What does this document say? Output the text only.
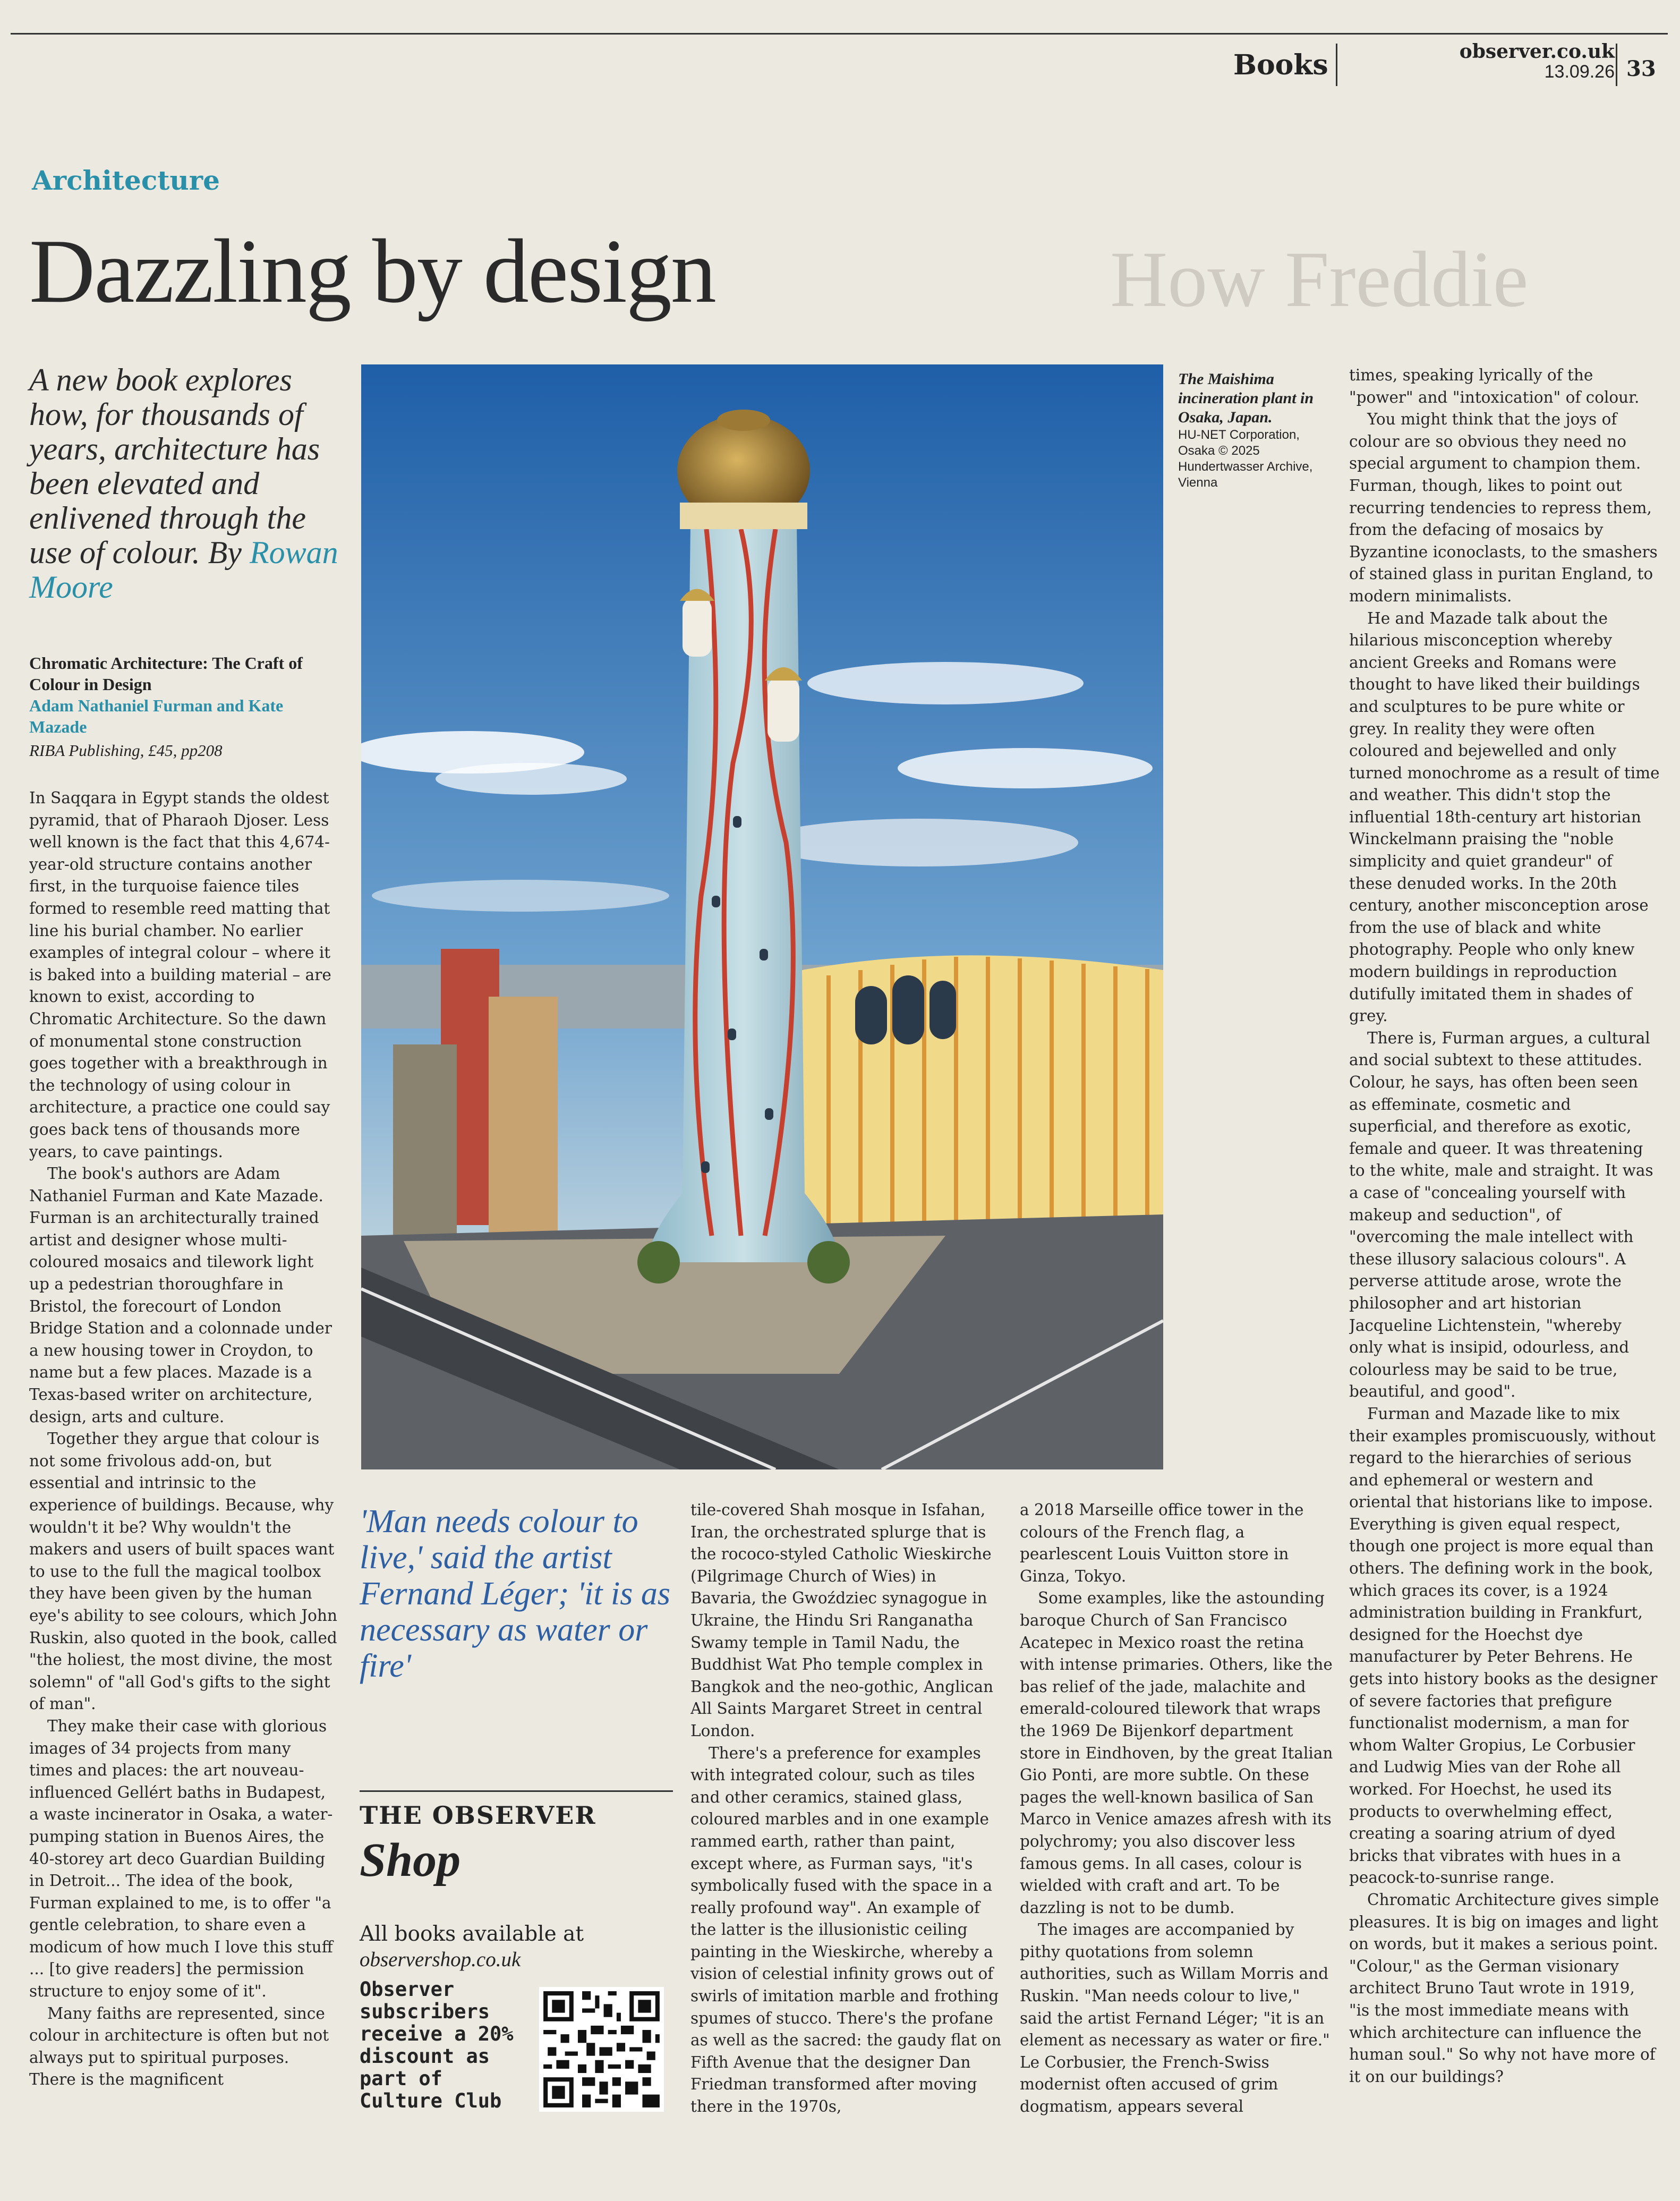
How Freddie
Books	observer.co.uk
13.09.26 33
Architecture
Dazzling by design
A new book explores how, for thousands of years, architecture has been elevated and enlivened through the use of colour. By Rowan Moore
Chromatic Architecture: The Craft of Colour in Design
Adam Nathaniel Furman and Kate Mazade
RIBA Publishing, £45, pp208

In Saqqara in Egypt stands the oldest pyramid, that of Pharaoh Djoser. Less well known is the fact that this 4,674-year-old structure contains another first, in the turquoise faience tiles formed to resemble reed matting that line his burial chamber. No earlier examples of integral colour – where it is baked into a building material – are known to exist, according to Chromatic Architecture. So the dawn of monumental stone construction goes together with a breakthrough in the technology of using colour in architecture, a practice one could say goes back tens of thousands more years, to cave paintings.

The book's authors are Adam Nathaniel Furman and Kate Mazade. Furman is an architecturally trained artist and designer whose multi-coloured mosaics and tilework light up a pedestrian thoroughfare in Bristol, the forecourt of London Bridge Station and a colonnade under a new housing tower in Croydon, to name but a few places. Mazade is a Texas-based writer on architecture, design, arts and culture.

Together they argue that colour is not some frivolous add-on, but essential and intrinsic to the experience of buildings. Because, why wouldn't it be? Why wouldn't the makers and users of built spaces want to use to the full the magical toolbox they have been given by the human eye's ability to see colours, which John Ruskin, also quoted in the book, called "the holiest, the most divine, the most solemn" of "all God's gifts to the sight of man".

They make their case with glorious images of 34 projects from many times and places: the art nouveau-influenced Gellért baths in Budapest, a waste incinerator in Osaka, a water-pumping station in Buenos Aires, the 40-storey art deco Guardian Building in Detroit... The idea of the book, Furman explained to me, is to offer "a gentle celebration, to share even a modicum of how much I love this stuff ... [to give readers] the permission structure to enjoy some of it".

Many faiths are represented, since colour in architecture is often but not always put to spiritual purposes. There is the magnificent

The Maishima incineration plant in Osaka, Japan.
HU-NET Corporation, Osaka © 2025 Hundertwasser Archive, Vienna

times, speaking lyrically of the "power" and "intoxication" of colour.

You might think that the joys of colour are so obvious they need no special argument to champion them. Furman, though, likes to point out recurring tendencies to repress them, from the defacing of mosaics by Byzantine iconoclasts, to the smashers of stained glass in puritan England, to modern minimalists.

He and Mazade talk about the hilarious misconception whereby ancient Greeks and Romans were thought to have liked their buildings and sculptures to be pure white or grey. In reality they were often coloured and bejewelled and only turned monochrome as a result of time and weather. This didn't stop the influential 18th-century art historian Winckelmann praising the "noble simplicity and quiet grandeur" of these denuded works. In the 20th century, another misconception arose from the use of black and white photography. People who only knew modern buildings in reproduction dutifully imitated them in shades of grey.

There is, Furman argues, a cultural and social subtext to these attitudes. Colour, he says, has often been seen as effeminate, cosmetic and superficial, and therefore as exotic, female and queer. It was threatening to the white, male and straight. It was a case of "concealing yourself with makeup and seduction", of "overcoming the male intellect with these illusory salacious colours". A perverse attitude arose, wrote the philosopher and art historian Jacqueline Lichtenstein, "whereby only what is insipid, odourless, and colourless may be said to be true, beautiful, and good".

Furman and Mazade like to mix their examples promiscuously, without regard to the hierarchies of serious and ephemeral or western and oriental that historians like to impose. Everything is given equal respect, though one project is more equal than others. The defining work in the book, which graces its cover, is a 1924 administration building in Frankfurt, designed for the Hoechst dye manufacturer by Peter Behrens. He gets into history books as the designer of severe factories that prefigure functionalist modernism, a man for whom Walter Gropius, Le Corbusier and Ludwig Mies van der Rohe all worked. For Hoechst, he used its products to overwhelming effect, creating a soaring atrium of dyed bricks that vibrates with hues in a peacock-to-sunrise range.

Chromatic Architecture gives simple pleasures. It is big on images and light on words, but it makes a serious point. "Colour," as the German visionary architect Bruno Taut wrote in 1919, "is the most immediate means with which architecture can influence the human soul." So why not have more of it on our buildings?

'Man needs colour to live,' said the artist Fernand Léger; 'it is as necessary as water or fire'
THE OBSERVER
Shop
All books available at
observershop.co.uk
Observer subscribers receive a 20% discount as part of Culture Club

tile-covered Shah mosque in Isfahan, Iran, the orchestrated splurge that is the rococo-styled Catholic Wieskirche (Pilgrimage Church of Wies) in Bavaria, the Gwoździec synagogue in Ukraine, the Hindu Sri Ranganatha Swamy temple in Tamil Nadu, the Buddhist Wat Pho temple complex in Bangkok and the neo-gothic, Anglican All Saints Margaret Street in central London.

There's a preference for examples with integrated colour, such as tiles and other ceramics, stained glass, coloured marbles and in one example rammed earth, rather than paint, except where, as Furman says, "it's symbolically fused with the space in a really profound way". An example of the latter is the illusionistic ceiling painting in the Wieskirche, whereby a vision of celestial infinity grows out of swirls of imitation marble and frothing spumes of stucco. There's the profane as well as the sacred: the gaudy flat on Fifth Avenue that the designer Dan Friedman transformed after moving there in the 1970s,

a 2018 Marseille office tower in the colours of the French flag, a pearlescent Louis Vuitton store in Ginza, Tokyo.

Some examples, like the astounding baroque Church of San Francisco Acatepec in Mexico roast the retina with intense primaries. Others, like the bas relief of the jade, malachite and emerald-coloured tilework that wraps the 1969 De Bijenkorf department store in Eindhoven, by the great Italian Gio Ponti, are more subtle. On these pages the well-known basilica of San Marco in Venice amazes afresh with its polychromy; you also discover less famous gems. In all cases, colour is wielded with craft and art. To be dazzling is not to be dumb.

The images are accompanied by pithy quotations from solemn authorities, such as Willam Morris and Ruskin. "Man needs colour to live," said the artist Fernand Léger; "it is an element as necessary as water or fire." Le Corbusier, the French-Swiss modernist often accused of grim dogmatism, appears several
